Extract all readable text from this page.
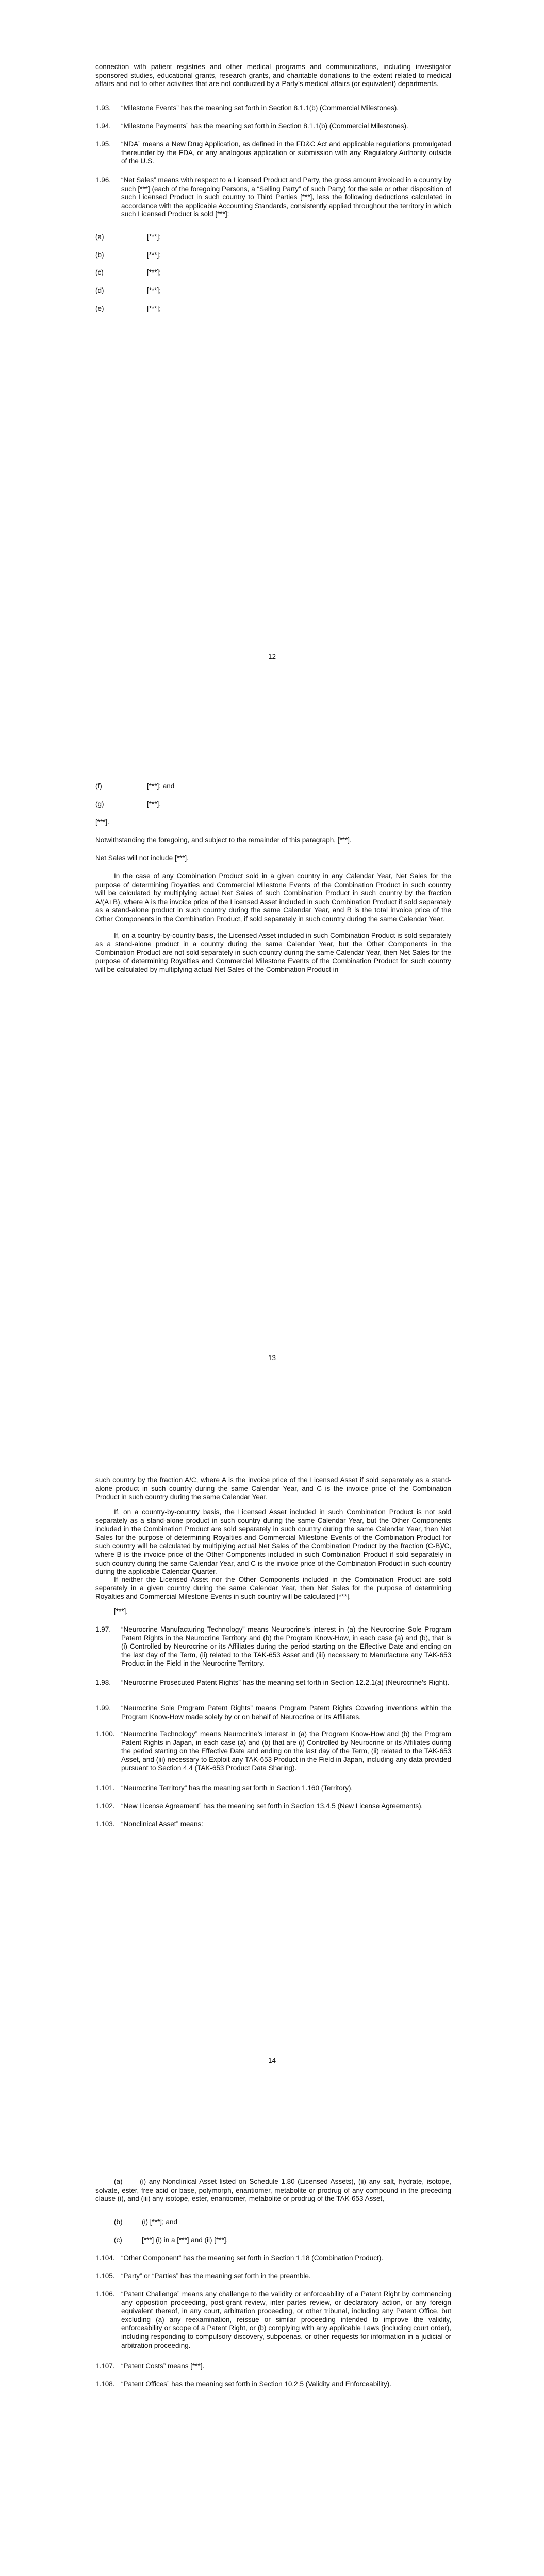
connection with patient registries and other medical programs and communications, including investigator sponsored studies, educational grants, research grants, and charitable donations to the extent related to medical affairs and not to other activities that are not conducted by a Party’s medical affairs (or equivalent) departments.

1.93.	“Milestone Events” has the meaning set forth in Section 8.1.1(b) (Commercial Milestones).
1.94.	“Milestone Payments” has the meaning set forth in Section 8.1.1(b) (Commercial Milestones).
1.95.	“NDA” means a New Drug Application, as defined in the FD&C Act and applicable regulations promulgated thereunder by the FDA, or any analogous application or submission with any Regulatory Authority outside of the U.S.
1.96.	“Net Sales” means with respect to a Licensed Product and Party, the gross amount invoiced in a country by such [***] (each of the foregoing Persons, a “Selling Party” of such Party) for the sale or other disposition of such Licensed Product in such country to Third Parties [***], less the following deductions calculated in accordance with the applicable Accounting Standards, consistently applied throughout the territory in which such Licensed Product is sold [***]:
(a)	[***];
(b)	[***];
(c)	[***];
(d)	[***];
(e)	[***];
12
(f)	[***]; and
(g)	[***].
[***].
Notwithstanding the foregoing, and subject to the remainder of this paragraph, [***].
Net Sales will not include [***].

In the case of any Combination Product sold in a given country in any Calendar Year, Net Sales for the purpose of determining Royalties and Commercial Milestone Events of the Combination Product in such country will be calculated by multiplying actual Net Sales of such Combination Product in such country by the fraction A/(A+B), where A is the invoice price of the Licensed Asset included in such Combination Product if sold separately as a stand-alone product in such country during the same Calendar Year, and B is the total invoice price of the Other Components in the Combination Product, if sold separately in such country during the same Calendar Year.

If, on a country-by-country basis, the Licensed Asset included in such Combination Product is sold separately as a stand-alone product in a country during the same Calendar Year, but the Other Components in the Combination Product are not sold separately in such country during the same Calendar Year, then Net Sales for the purpose of determining Royalties and Commercial Milestone Events of the Combination Product for such country will be calculated by multiplying actual Net Sales of the Combination Product in

13

such country by the fraction A/C, where A is the invoice price of the Licensed Asset if sold separately as a stand-alone product in such country during the same Calendar Year, and C is the invoice price of the Combination Product in such country during the same Calendar Year.

If, on a country-by-country basis, the Licensed Asset included in such Combination Product is not sold separately as a stand-alone product in such country during the same Calendar Year, but the Other Components included in the Combination Product are sold separately in such country during the same Calendar Year, then Net Sales for the purpose of determining Royalties and Commercial Milestone Events of the Combination Product for such country will be calculated by multiplying actual Net Sales of the Combination Product by the fraction (C-B)/C, where B is the invoice price of the Other Components included in such Combination Product if sold separately in such country during the same Calendar Year, and C is the invoice price of the Combination Product in such country during the applicable Calendar Quarter.

If neither the Licensed Asset nor the Other Components included in the Combination Product are sold separately in a given country during the same Calendar Year, then Net Sales for the purpose of determining Royalties and Commercial Milestone Events in such country will be calculated [***].

[***].
1.97.	“Neurocrine Manufacturing Technology” means Neurocrine’s interest in (a) the Neurocrine Sole Program Patent Rights in the Neurocrine Territory and (b) the Program Know-How, in each case (a) and (b), that is (i) Controlled by Neurocrine or its Affiliates during the period starting on the Effective Date and ending on the last day of the Term, (ii) related to the TAK-653 Asset and (iii) necessary to Manufacture any TAK-653 Product in the Field in the Neurocrine Territory.
1.98.	“Neurocrine Prosecuted Patent Rights” has the meaning set forth in Section 12.2.1(a) (Neurocrine’s Right).
1.99.	“Neurocrine Sole Program Patent Rights” means Program Patent Rights Covering inventions within the Program Know-How made solely by or on behalf of Neurocrine or its Affiliates.
1.100. “Neurocrine Technology” means Neurocrine’s interest in (a) the Program Know-How and (b) the Program Patent Rights in Japan, in each case (a) and (b) that are (i) Controlled by Neurocrine or its Affiliates during the period starting on the Effective Date and ending on the last day of the Term, (ii) related to the TAK-653 Asset, and (iii) necessary to Exploit any TAK-653 Product in the Field in Japan, including any data provided pursuant to Section 4.4 (TAK-653 Product Data Sharing).
1.101. “Neurocrine Territory” has the meaning set forth in Section 1.160 (Territory).
1.102. “New License Agreement” has the meaning set forth in Section 13.4.5 (New License Agreements).
1.103. “Nonclinical Asset” means:
14
(a) (i) any Nonclinical Asset listed on Schedule 1.80 (Licensed Assets), (ii) any salt, hydrate, isotope, solvate, ester, free acid or base, polymorph, enantiomer, metabolite or prodrug of any compound in the preceding clause (i), and (iii) any isotope, ester, enantiomer, metabolite or prodrug of the TAK-653 Asset,
(b)	(i) [***]; and
(c)	[***] (i) in a [***] and (ii) [***].
1.104. “Other Component” has the meaning set forth in Section 1.18 (Combination Product).
1.105. “Party” or “Parties” has the meaning set forth in the preamble.
1.106. “Patent Challenge” means any challenge to the validity or enforceability of a Patent Right by commencing any opposition proceeding, post-grant review, inter partes review, or declaratory action, or any foreign equivalent thereof, in any court, arbitration proceeding, or other tribunal, including any Patent Office, but excluding (a) any reexamination, reissue or similar proceeding intended to improve the validity, enforceability or scope of a Patent Right, or (b) complying with any applicable Laws (including court order), including responding to compulsory discovery, subpoenas, or other requests for information in a judicial or arbitration proceeding.
1.107. “Patent Costs” means [***].
1.108. “Patent Offices” has the meaning set forth in Section 10.2.5 (Validity and Enforceability).
